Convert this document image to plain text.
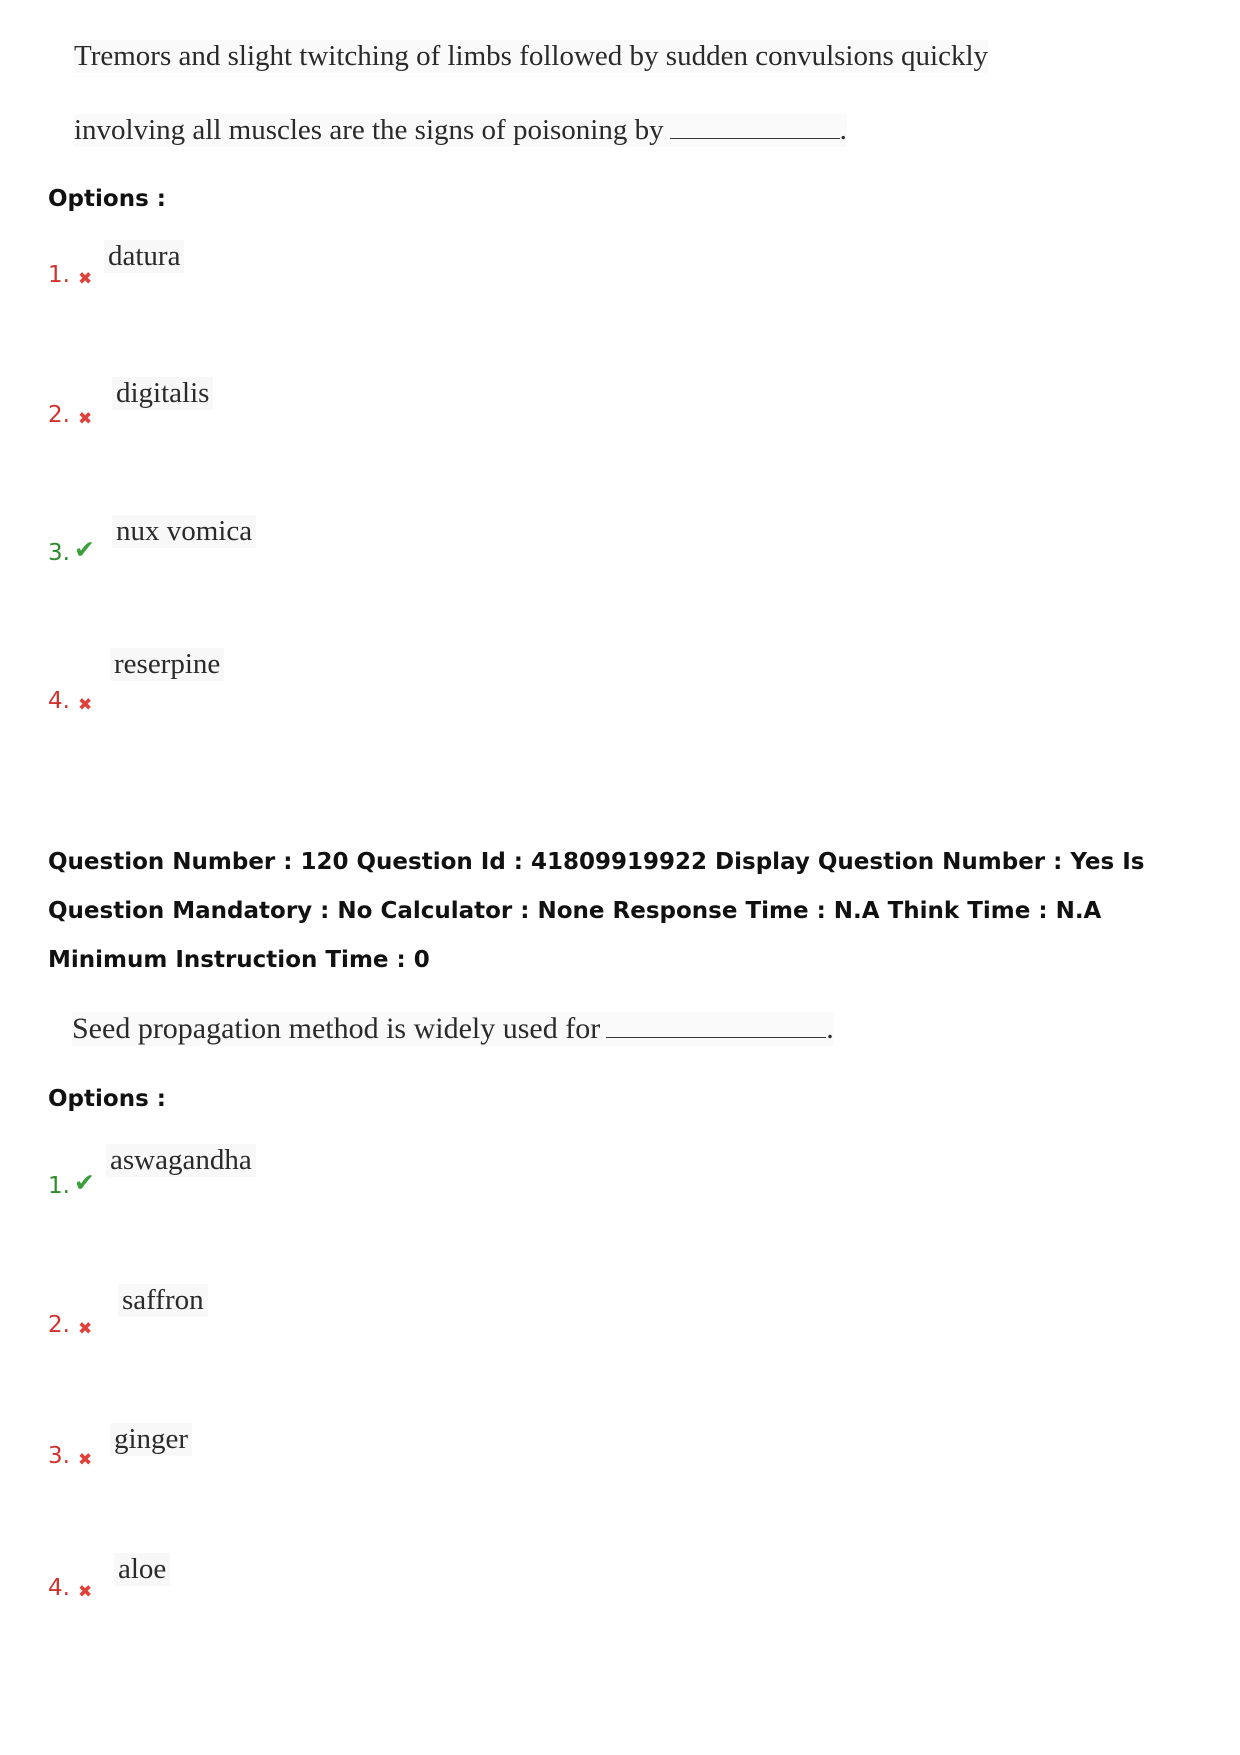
Tremors and slight twitching of limbs followed by sudden convulsions quickly
involving all muscles are the signs of poisoning by	.
Options :
1. ✖
datura
2. ✖
digitalis
3. ✔
nux vomica
4. ✖
reserpine
Question Number : 120 Question Id : 41809919922 Display Question Number : Yes Is Question Mandatory : No Calculator : None Response Time : N.A Think Time : N.A Minimum Instruction Time : 0
Seed propagation method is widely used for	.
Options :
1. ✔
aswagandha
2. ✖
saffron
3. ✖
ginger
4. ✖
aloe
